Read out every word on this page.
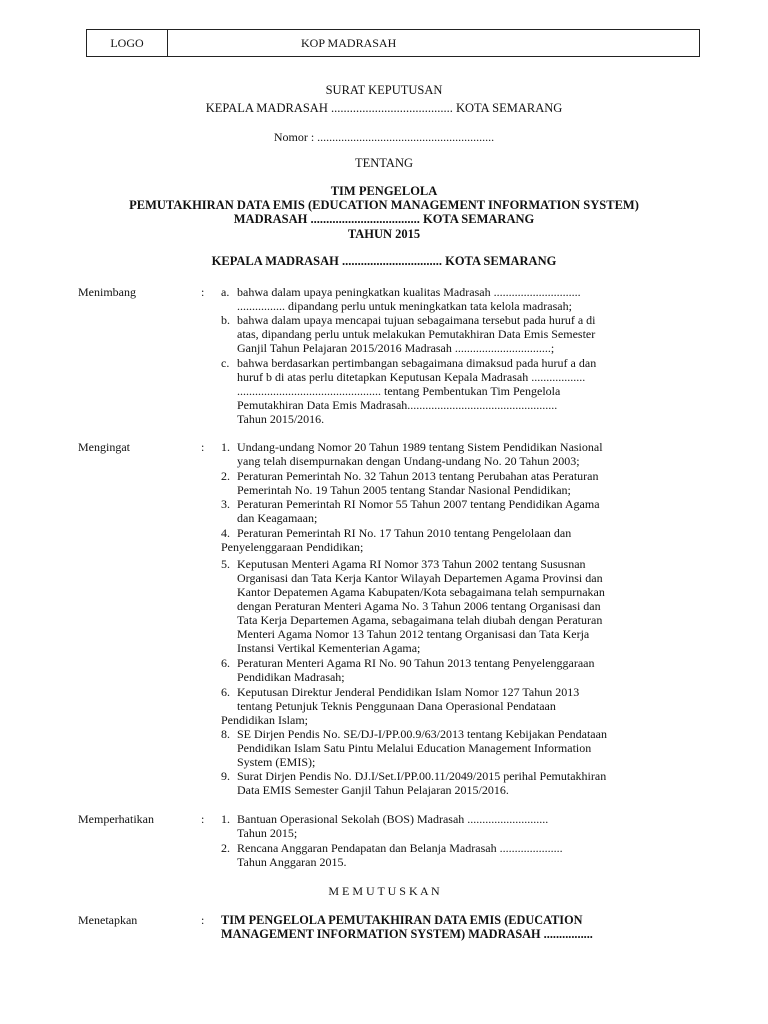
LOGO	KOP MADRASAH
SURAT KEPUTUSAN
KEPALA MADRASAH ....................................... KOTA SEMARANG
Nomor : ...........................................................
TENTANG
TIM PENGELOLA
PEMUTAKHIRAN DATA EMIS (EDUCATION MANAGEMENT INFORMATION SYSTEM)
MADRASAH ................................... KOTA SEMARANG
TAHUN 2015
KEPALA MADRASAH ................................ KOTA SEMARANG
Menimbang	: a. bahwa dalam upaya peningkatkan kualitas Madrasah .............................
................ dipandang perlu untuk meningkatkan tata kelola madrasah;
b. bahwa dalam upaya mencapai tujuan sebagaimana tersebut pada huruf a di
atas, dipandang perlu untuk melakukan Pemutakhiran Data Emis Semester
Ganjil Tahun Pelajaran 2015/2016 Madrasah ................................;
c. bahwa berdasarkan pertimbangan sebagaimana dimaksud pada huruf a dan
huruf b di atas perlu ditetapkan Keputusan Kepala Madrasah ..................
................................................ tentang Pembentukan Tim Pengelola
Pemutakhiran Data Emis Madrasah..................................................
Tahun 2015/2016.
Mengingat	: 1. Undang-undang Nomor 20 Tahun 1989 tentang Sistem Pendidikan Nasional
yang telah disempurnakan dengan Undang-undang No. 20 Tahun 2003;
2. Peraturan Pemerintah No. 32 Tahun 2013 tentang Perubahan atas Peraturan
Pemerintah No. 19 Tahun 2005 tentang Standar Nasional Pendidikan;
3. Peraturan Pemerintah RI Nomor 55 Tahun 2007 tentang Pendidikan Agama
dan Keagamaan;
4. Peraturan Pemerintah RI No. 17 Tahun 2010 tentang Pengelolaan dan
Penyelenggaraan Pendidikan;
5. Keputusan Menteri Agama RI Nomor 373 Tahun 2002 tentang Sususnan
Organisasi dan Tata Kerja Kantor Wilayah Departemen Agama Provinsi dan
Kantor Depatemen Agama Kabupaten/Kota sebagaimana telah sempurnakan
dengan Peraturan Menteri Agama No. 3 Tahun 2006 tentang Organisasi dan
Tata Kerja Departemen Agama, sebagaimana telah diubah dengan Peraturan
Menteri Agama Nomor 13 Tahun 2012 tentang Organisasi dan Tata Kerja
Instansi Vertikal Kementerian Agama;
6. Peraturan Menteri Agama RI No. 90 Tahun 2013 tentang Penyelenggaraan
Pendidikan Madrasah;
6. Keputusan Direktur Jenderal Pendidikan Islam Nomor 127 Tahun 2013
tentang Petunjuk Teknis Penggunaan Dana Operasional Pendataan
Pendidikan Islam;
8. SE Dirjen Pendis No. SE/DJ-I/PP.00.9/63/2013 tentang Kebijakan Pendataan
Pendidikan Islam Satu Pintu Melalui Education Management Information
System (EMIS);
9. Surat Dirjen Pendis No. DJ.I/Set.I/PP.00.11/2049/2015 perihal Pemutakhiran
Data EMIS Semester Ganjil Tahun Pelajaran 2015/2016.
Memperhatikan	: 1. Bantuan Operasional Sekolah (BOS) Madrasah ...........................
Tahun 2015;
2. Rencana Anggaran Pendapatan dan Belanja Madrasah .....................
Tahun Anggaran 2015.
M E M U T U S K A N
Menetapkan	: TIM PENGELOLA PEMUTAKHIRAN DATA EMIS (EDUCATION
MANAGEMENT INFORMATION SYSTEM) MADRASAH ................
